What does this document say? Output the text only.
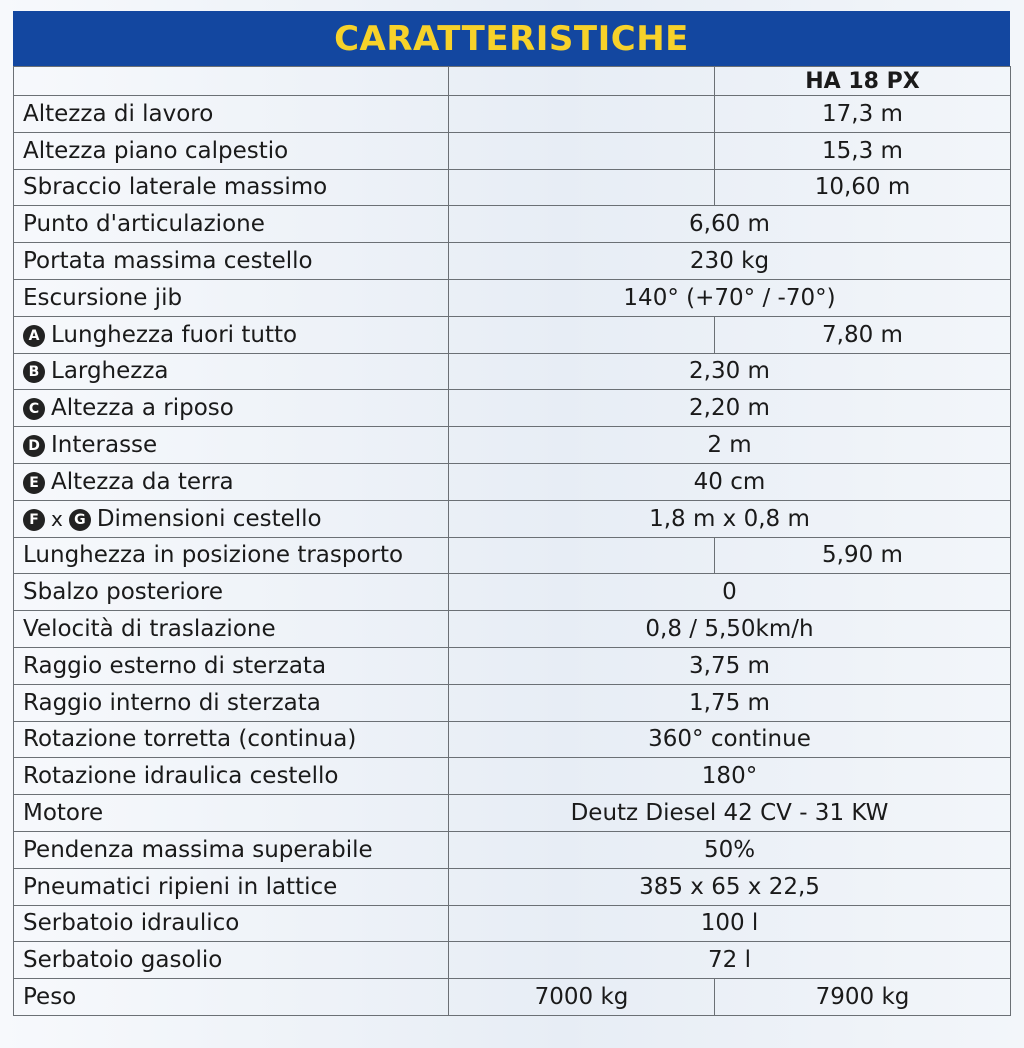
CARATTERISTICHE
		HA 18 PX
Altezza di lavoro		17,3 m
Altezza piano calpestio		15,3 m
Sbraccio laterale massimo		10,60 m
Punto d'articulazione	6,60 m	
Portata massima cestello	230 kg	
Escursione jib	140° (+70° / -70°)	
A Lunghezza fuori tutto		7,80 m
B Larghezza	2,30 m	
C Altezza a riposo	2,20 m	
D Interasse	2 m	
E Altezza da terra	40 cm	
F x G Dimensioni cestello	1,8 m x 0,8 m	
Lunghezza in posizione trasporto		5,90 m
Sbalzo posteriore	0	
Velocità di traslazione	0,8 / 5,50km/h	
Raggio esterno di sterzata	3,75 m	
Raggio interno di sterzata	1,75 m	
Rotazione torretta (continua)	360° continue	
Rotazione idraulica cestello	180°	
Motore	Deutz Diesel 42 CV - 31 KW	
Pendenza massima superabile	50%	
Pneumatici ripieni in lattice	385 x 65 x 22,5	
Serbatoio idraulico	100 l	
Serbatoio gasolio	72 l	
Peso	7000 kg	7900 kg
